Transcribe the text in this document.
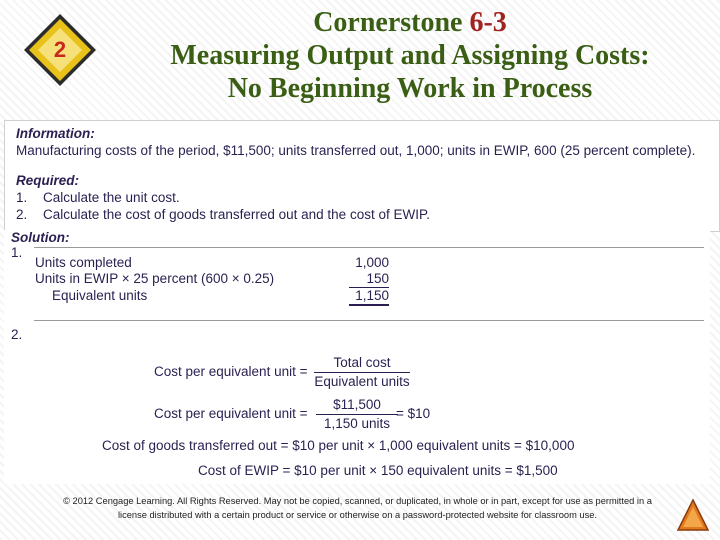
2
Cornerstone 6-3
Measuring Output and Assigning Costs:
No Beginning Work in Process
Information:
Manufacturing costs of the period, $11,500; units transferred out, 1,000; units in EWIP, 600 (25 percent complete).
Required:
1. Calculate the unit cost.
2. Calculate the cost of goods transferred out and the cost of EWIP.
Solution:
1.
Units completed	1,000
Units in EWIP × 25 percent (600 × 0.25)	150
Equivalent units	1,150
2.
Cost per equivalent unit =
Total cost
Equivalent units
Cost per equivalent unit =
$11,500
1,150 units
= $10
Cost of goods transferred out = $10 per unit × 1,000 equivalent units = $10,000
Cost of EWIP = $10 per unit × 150 equivalent units = $1,500
© 2012 Cengage Learning. All Rights Reserved. May not be copied, scanned, or duplicated, in whole or in part, except for use as permitted in a
license distributed with a certain product or service or otherwise on a password-protected website for classroom use.
